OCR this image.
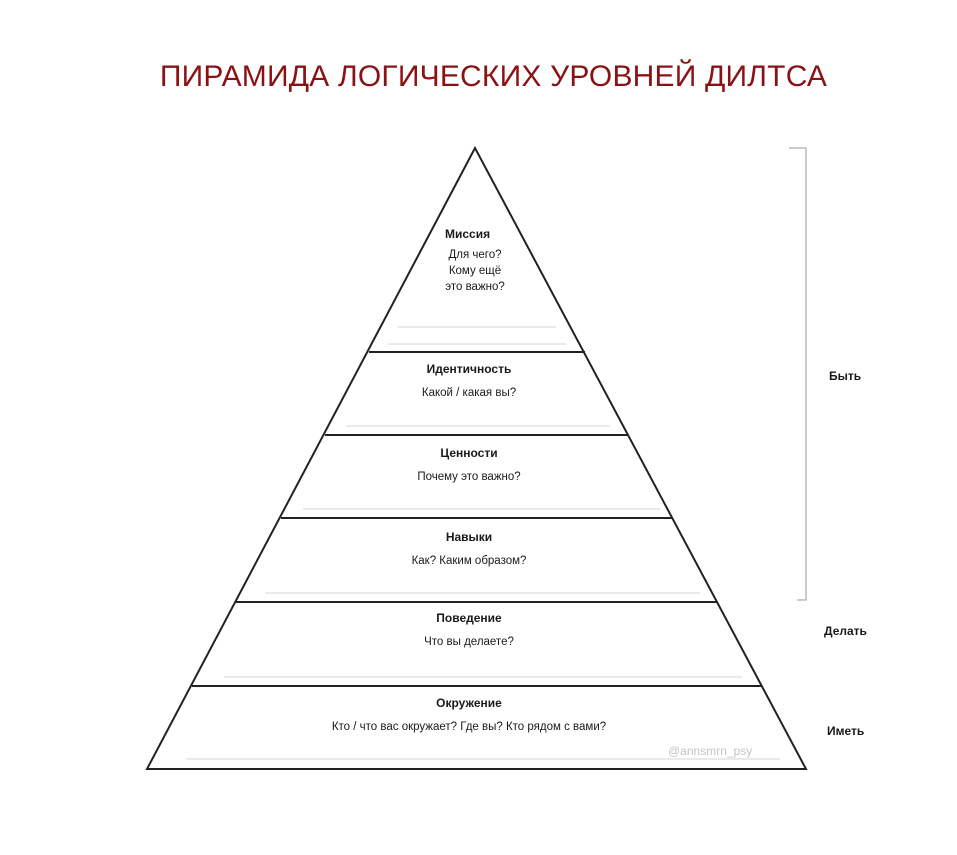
ПИРАМИДА ЛОГИЧЕСКИХ УРОВНЕЙ ДИЛТСА
Миссия
Для чего?
Кому ещё
это важно?
Идентичность
Какой / какая вы?
Ценности
Почему это важно?
Навыки
Как? Каким образом?
Поведение
Что вы делаете?
Окружение
Кто / что вас окружает? Где вы? Кто рядом с вами?
Быть
Делать
Иметь
@annsmrn_psy
